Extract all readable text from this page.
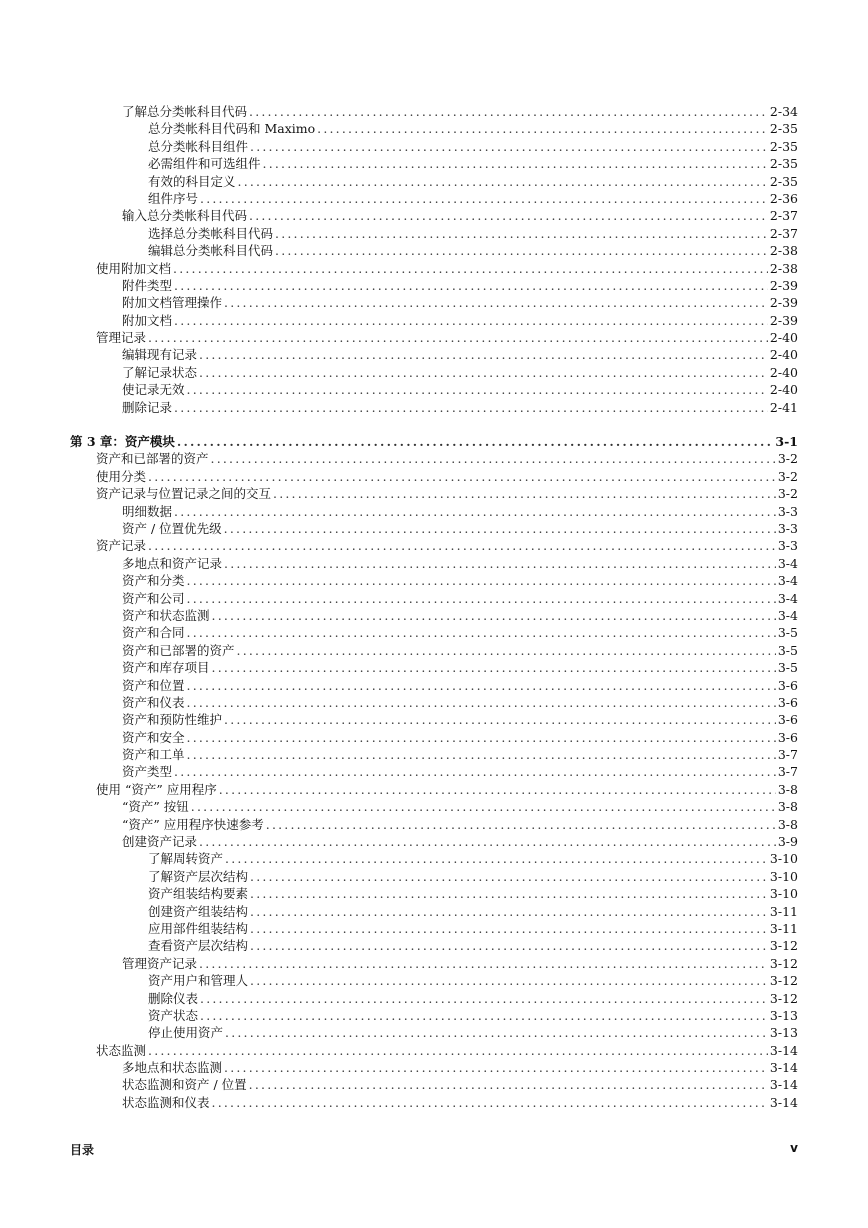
了解总分类帐科目代码 .....	2-34
总分类帐科目代码和 Maximo .....	2-35
总分类帐科目组件 .....	2-35
必需组件和可选组件 .....	2-35
有效的科目定义 .....	2-35
组件序号 .....	2-36
输入总分类帐科目代码 .....	2-37
选择总分类帐科目代码 .....	2-37
编辑总分类帐科目代码 .....	2-38
使用附加文档 .....	2-38
附件类型 .....	2-39
附加文档管理操作 .....	2-39
附加文档 .....	2-39
管理记录 .....	2-40
编辑现有记录 .....	2-40
了解记录状态 .....	2-40
使记录无效 .....	2-40
删除记录 .....	2-41
第 3 章：资产模块 .....	3-1
资产和已部署的资产 .....	3-2
使用分类 .....	3-2
资产记录与位置记录之间的交互 .....	3-2
明细数据 .....	3-3
资产 / 位置优先级 .....	3-3
资产记录 .....	3-3
多地点和资产记录 .....	3-4
资产和分类 .....	3-4
资产和公司 .....	3-4
资产和状态监测 .....	3-4
资产和合同 .....	3-5
资产和已部署的资产 .....	3-5
资产和库存项目 .....	3-5
资产和位置 .....	3-6
资产和仪表 .....	3-6
资产和预防性维护 .....	3-6
资产和安全 .....	3-6
资产和工单 .....	3-7
资产类型 .....	3-7
使用 “资产” 应用程序 .....	3-8
“资产” 按钮 .....	3-8
“资产” 应用程序快速参考 .....	3-8
创建资产记录 .....	3-9
了解周转资产 .....	3-10
了解资产层次结构 .....	3-10
资产组装结构要素 .....	3-10
创建资产组装结构 .....	3-11
应用部件组装结构 .....	3-11
查看资产层次结构 .....	3-12
管理资产记录 .....	3-12
资产用户和管理人 .....	3-12
删除仪表 .....	3-12
资产状态 .....	3-13
停止使用资产 .....	3-13
状态监测 .....	3-14
多地点和状态监测 .....	3-14
状态监测和资产 / 位置 .....	3-14
状态监测和仪表 .....	3-14
目录	v
